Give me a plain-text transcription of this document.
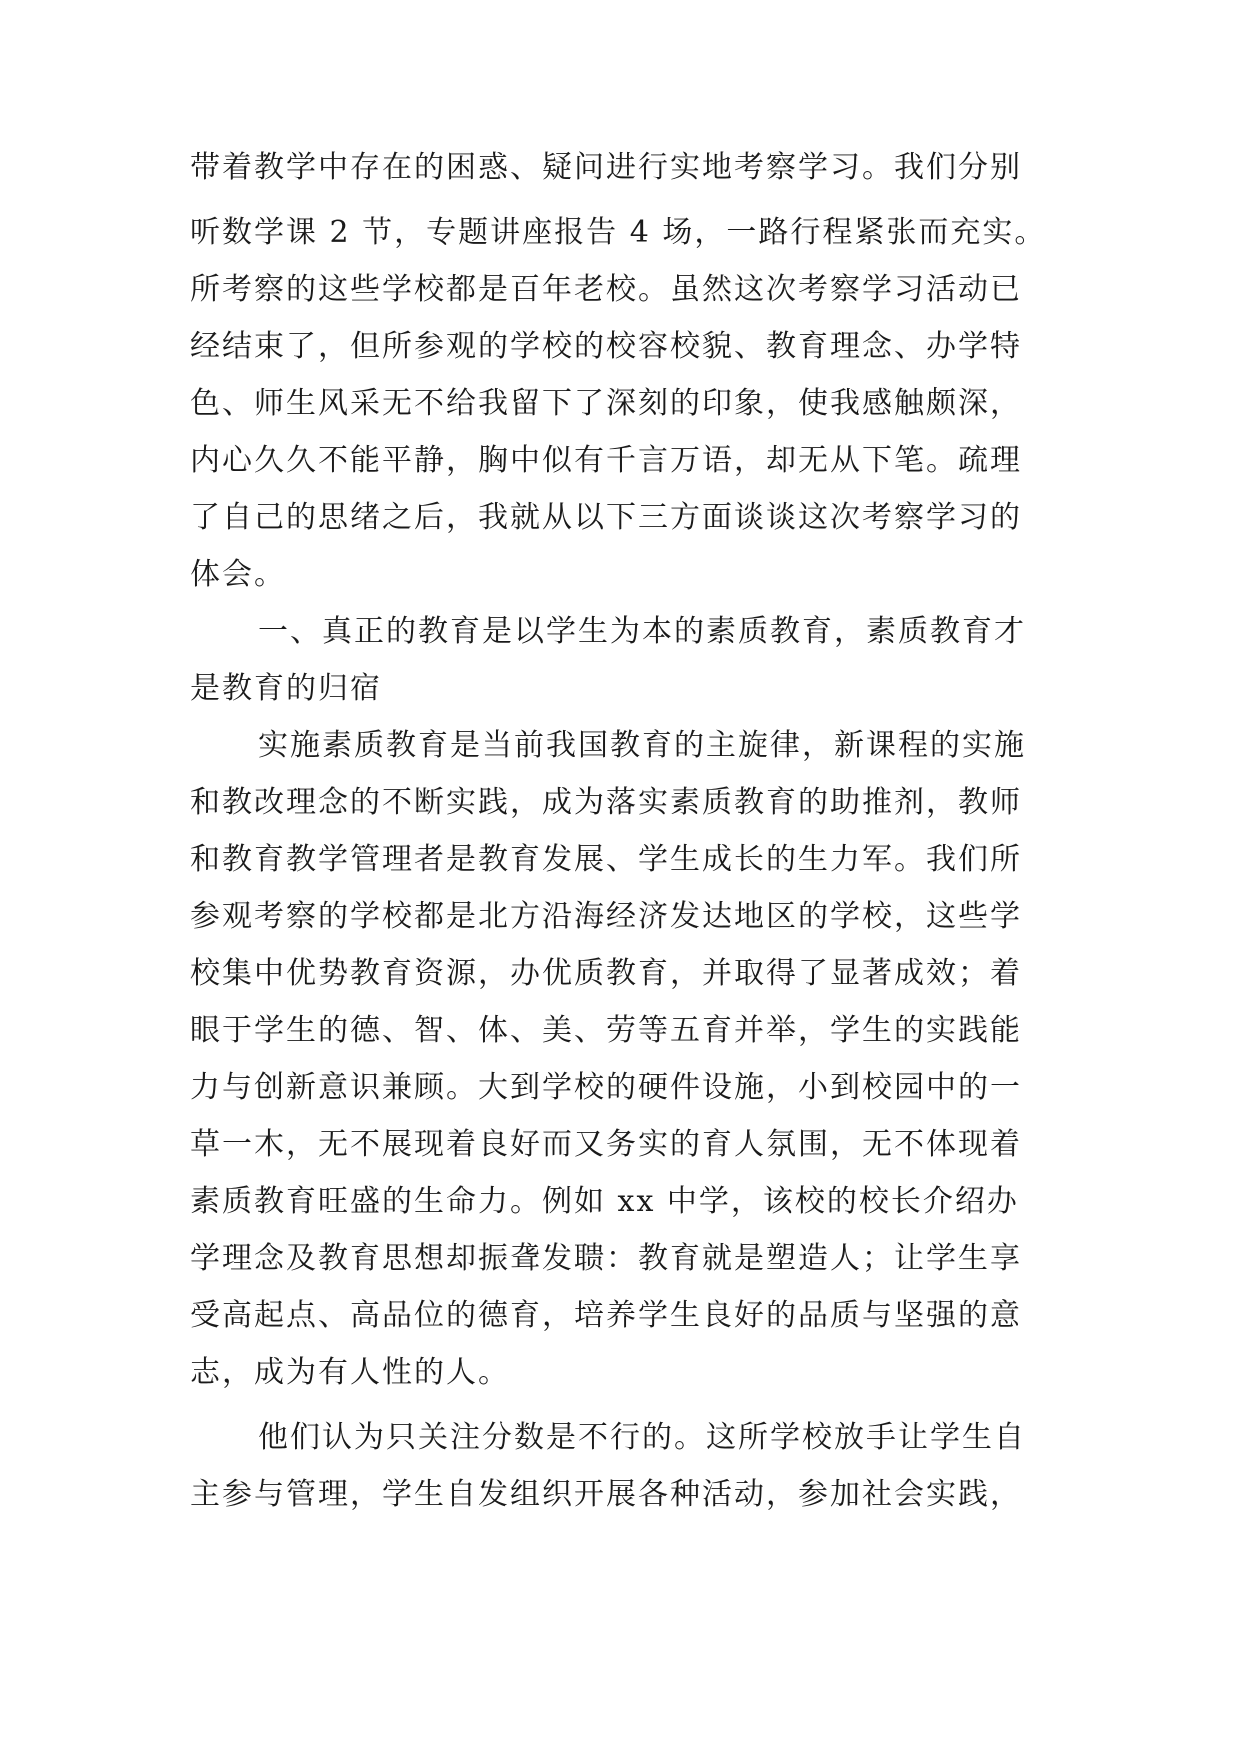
带着教学中存在的困惑、疑问进行实地考察学习。我们分别
听数学课 2 节，专题讲座报告 4 场，一路行程紧张而充实。
所考察的这些学校都是百年老校。虽然这次考察学习活动已
经结束了，但所参观的学校的校容校貌、教育理念、办学特
色、师生风采无不给我留下了深刻的印象，使我感触颇深，
内心久久不能平静，胸中似有千言万语，却无从下笔。疏理
了自己的思绪之后，我就从以下三方面谈谈这次考察学习的
体会。
一、真正的教育是以学生为本的素质教育，素质教育才
是教育的归宿
实施素质教育是当前我国教育的主旋律，新课程的实施
和教改理念的不断实践，成为落实素质教育的助推剂，教师
和教育教学管理者是教育发展、学生成长的生力军。我们所
参观考察的学校都是北方沿海经济发达地区的学校，这些学
校集中优势教育资源，办优质教育，并取得了显著成效；着
眼于学生的德、智、体、美、劳等五育并举，学生的实践能
力与创新意识兼顾。大到学校的硬件设施，小到校园中的一
草一木，无不展现着良好而又务实的育人氛围，无不体现着
素质教育旺盛的生命力。例如 xx 中学，该校的校长介绍办
学理念及教育思想却振聋发聩：教育就是塑造人；让学生享
受高起点、高品位的德育，培养学生良好的品质与坚强的意
志，成为有人性的人。
他们认为只关注分数是不行的。这所学校放手让学生自
主参与管理，学生自发组织开展各种活动，参加社会实践，
